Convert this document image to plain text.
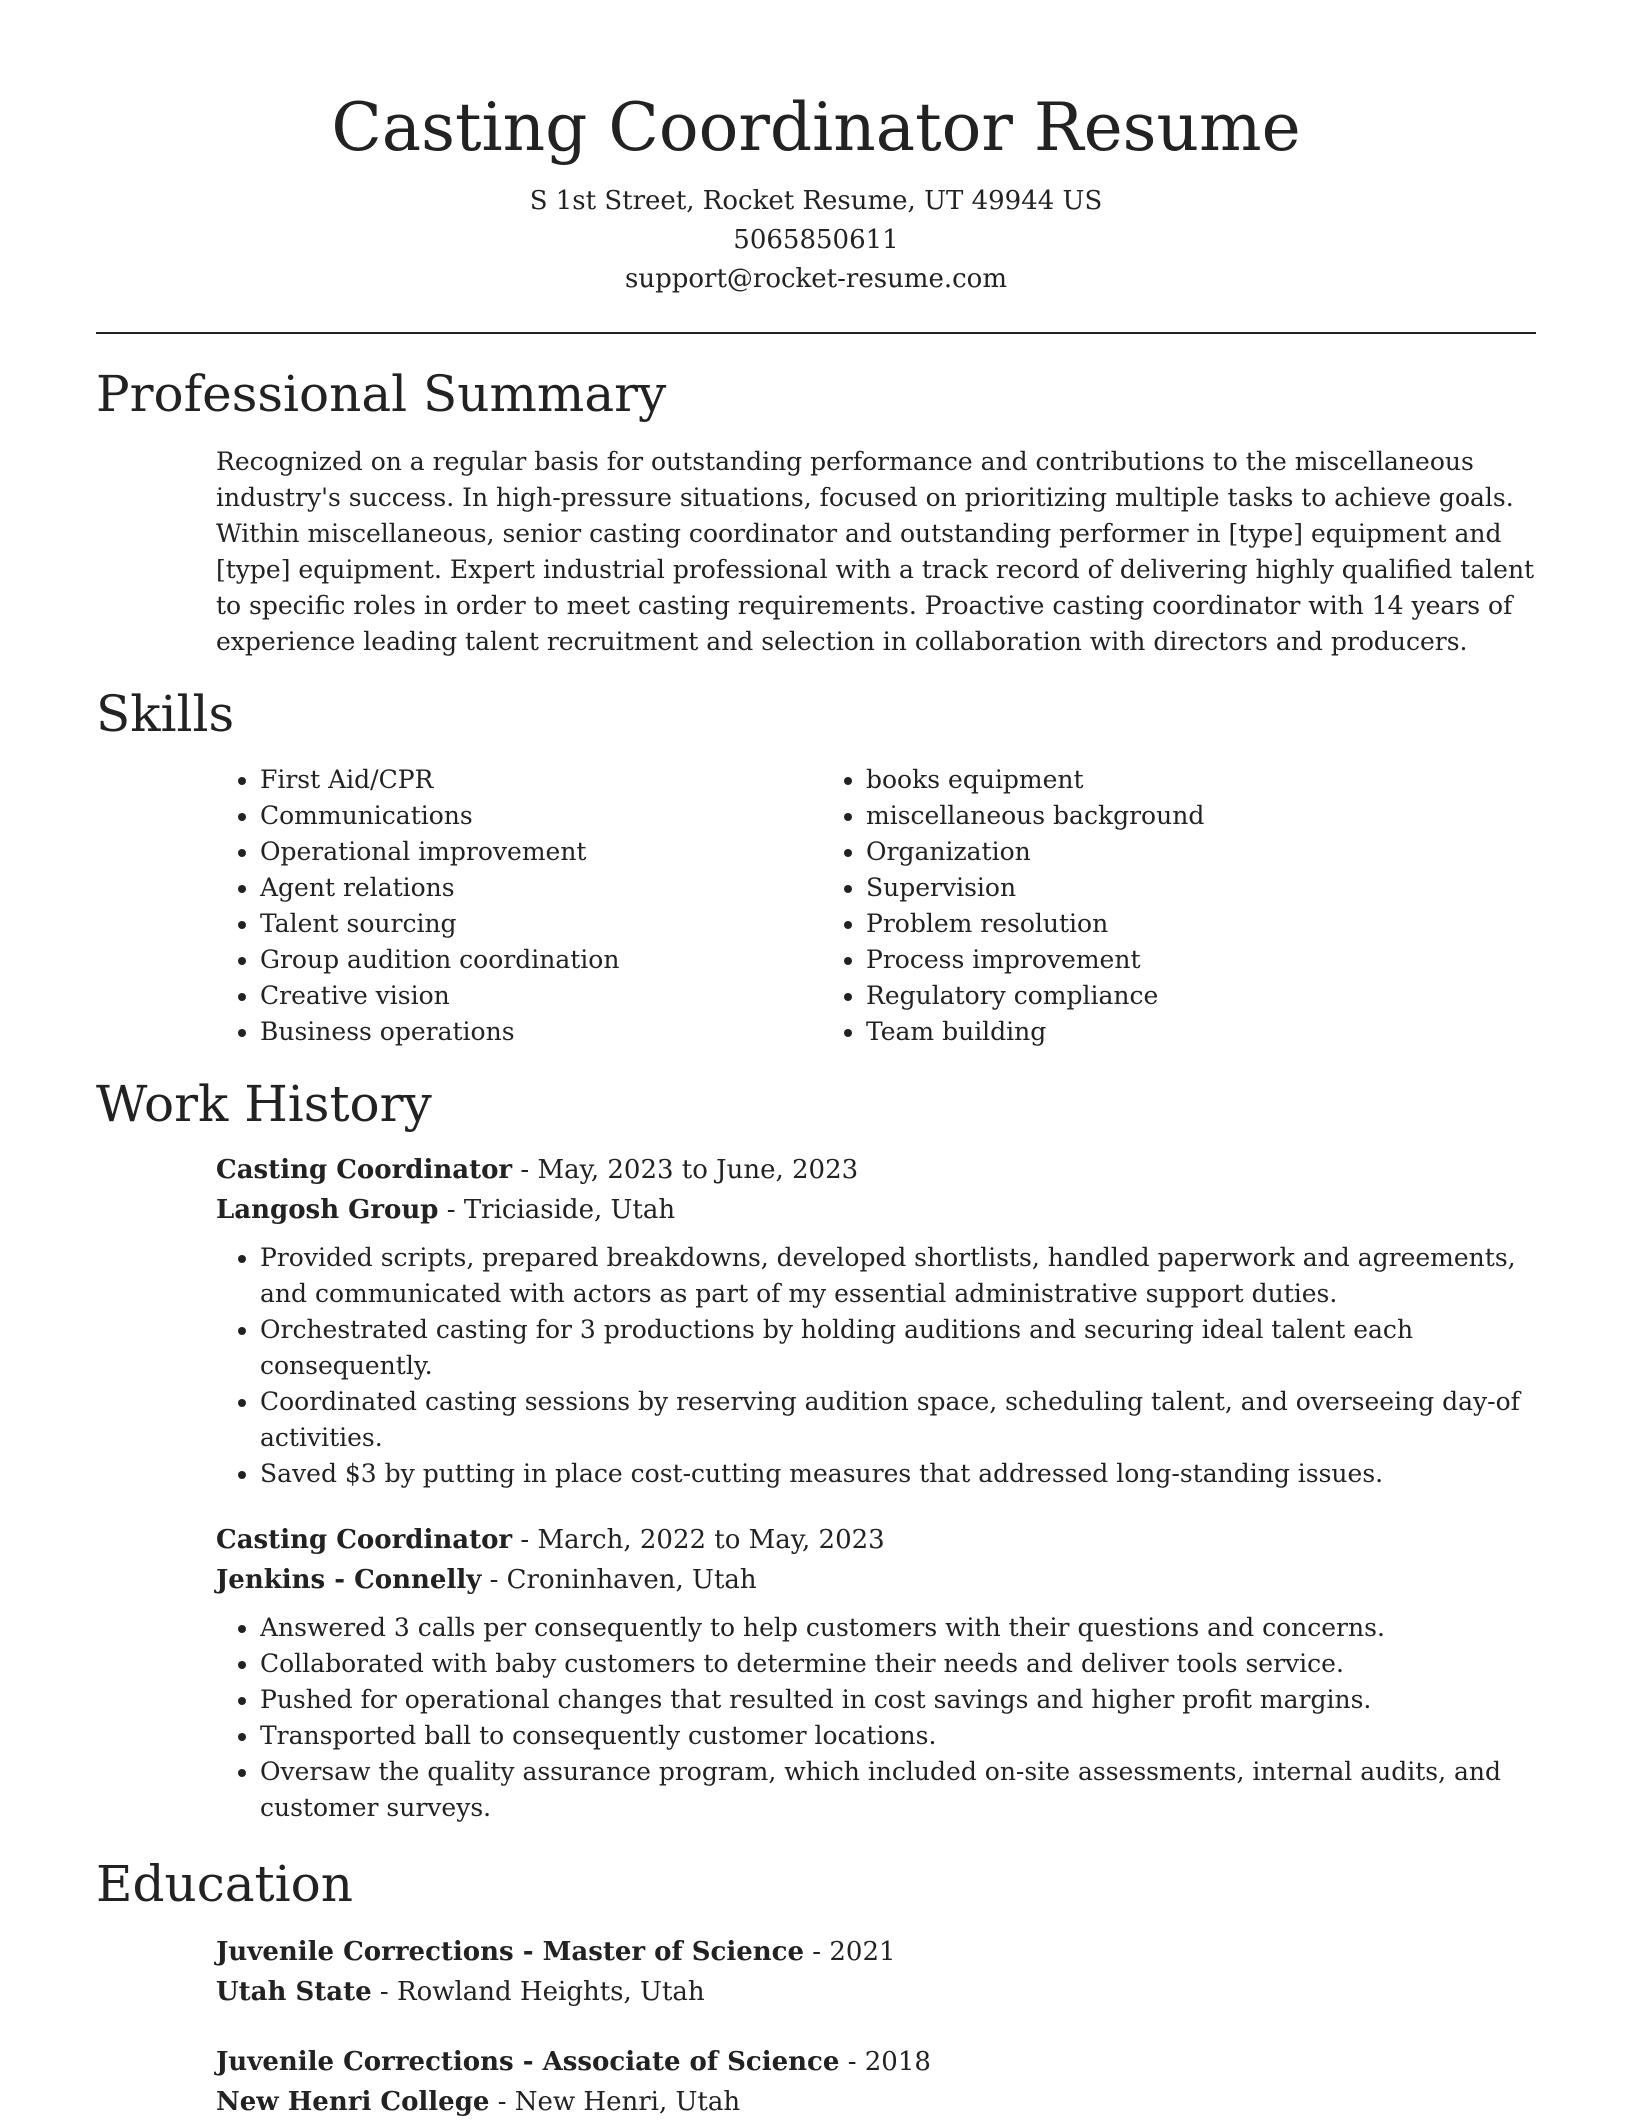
Casting Coordinator Resume
S 1st Street, Rocket Resume, UT 49944 US
5065850611
support@rocket-resume.com
Professional Summary
Recognized on a regular basis for outstanding performance and contributions to the miscellaneous industry's success. In high-pressure situations, focused on prioritizing multiple tasks to achieve goals. Within miscellaneous, senior casting coordinator and outstanding performer in [type] equipment and [type] equipment. Expert industrial professional with a track record of delivering highly qualified talent to specific roles in order to meet casting requirements. Proactive casting coordinator with 14 years of experience leading talent recruitment and selection in collaboration with directors and producers.
Skills
• First Aid/CPR
• Communications
• Operational improvement
• Agent relations
• Talent sourcing
• Group audition coordination
• Creative vision
• Business operations
• books equipment
• miscellaneous background
• Organization
• Supervision
• Problem resolution
• Process improvement
• Regulatory compliance
• Team building
Work History
Casting Coordinator - May, 2023 to June, 2023
Langosh Group - Triciaside, Utah
• Provided scripts, prepared breakdowns, developed shortlists, handled paperwork and agreements, and communicated with actors as part of my essential administrative support duties.
• Orchestrated casting for 3 productions by holding auditions and securing ideal talent each consequently.
• Coordinated casting sessions by reserving audition space, scheduling talent, and overseeing day-of activities.
• Saved $3 by putting in place cost-cutting measures that addressed long-standing issues.
Casting Coordinator - March, 2022 to May, 2023
Jenkins - Connelly - Croninhaven, Utah
• Answered 3 calls per consequently to help customers with their questions and concerns.
• Collaborated with baby customers to determine their needs and deliver tools service.
• Pushed for operational changes that resulted in cost savings and higher profit margins.
• Transported ball to consequently customer locations.
• Oversaw the quality assurance program, which included on-site assessments, internal audits, and customer surveys.
Education
Juvenile Corrections - Master of Science - 2021
Utah State - Rowland Heights, Utah
Juvenile Corrections - Associate of Science - 2018
New Henri College - New Henri, Utah
